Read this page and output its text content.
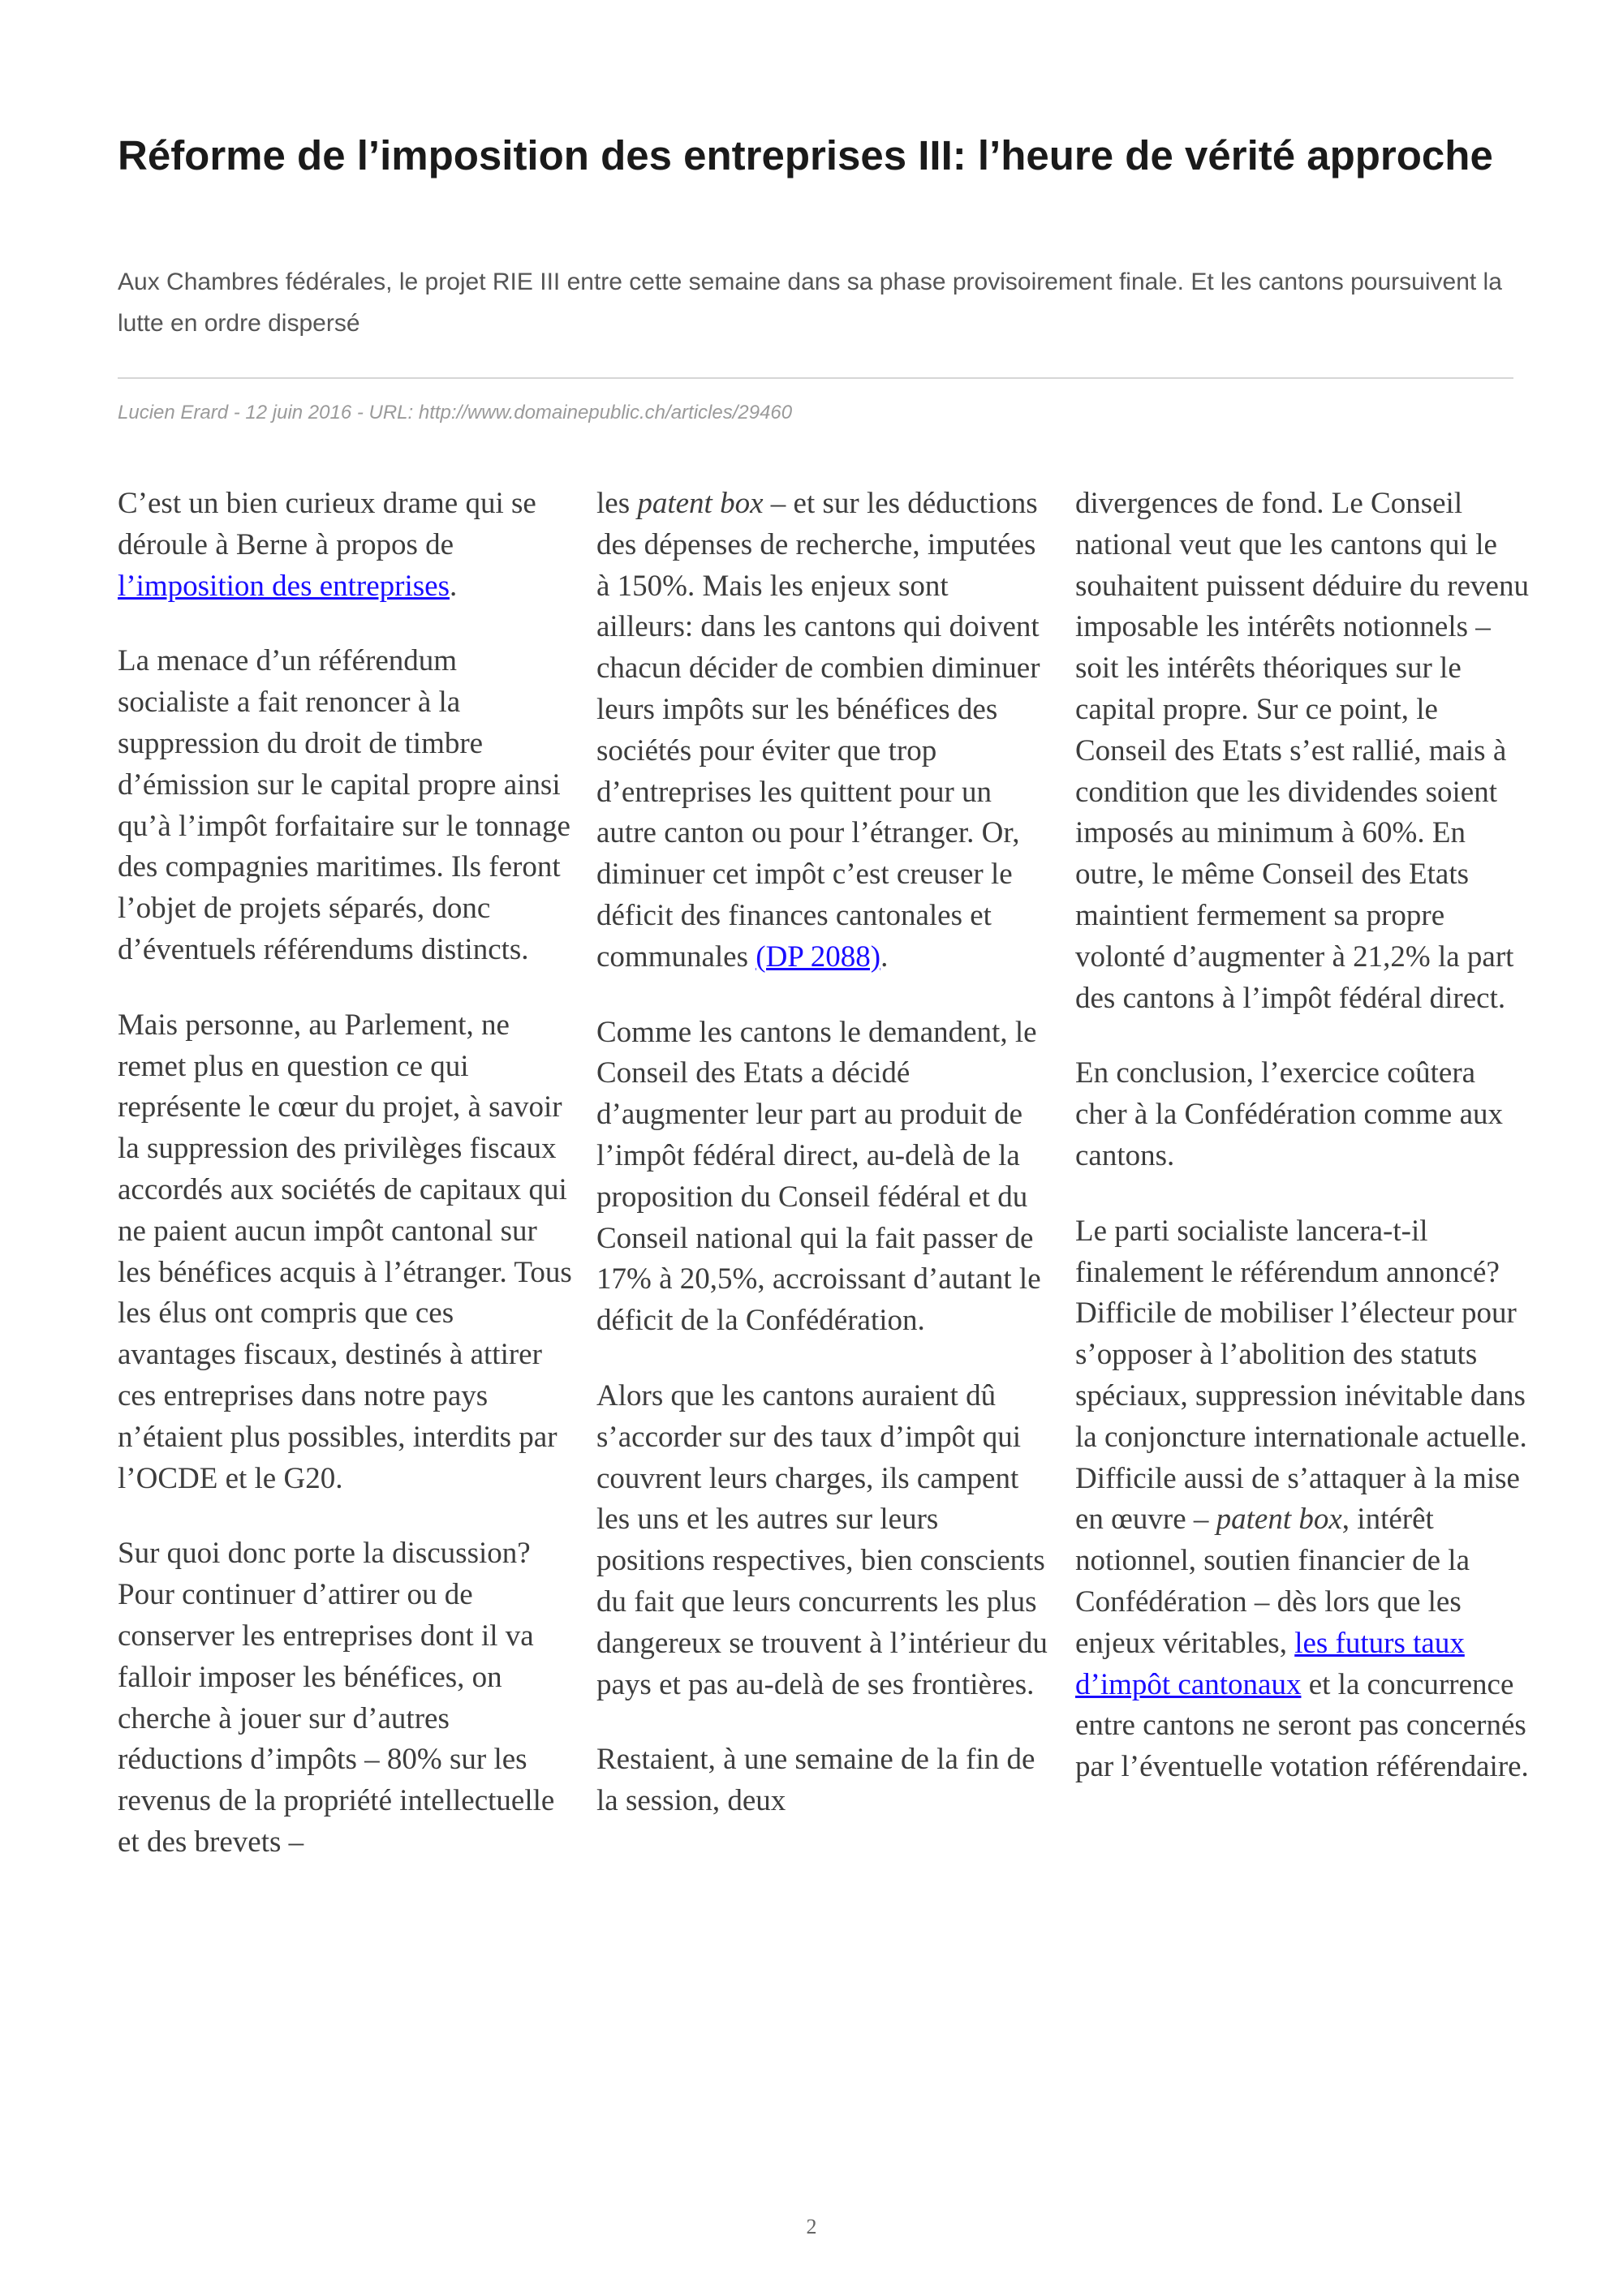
Réforme de l’imposition des entreprises III: l’heure de vérité approche

Aux Chambres fédérales, le projet RIE III entre cette semaine dans sa phase provisoirement finale. Et les cantons poursuivent la lutte en ordre dispersé

Lucien Erard - 12 juin 2016 - URL: http://www.domainepublic.ch/articles/29460

C’est un bien curieux drame qui se déroule à Berne à propos de l’imposition des entreprises.

La menace d’un référendum socialiste a fait renoncer à la suppression du droit de timbre d’émission sur le capital propre ainsi qu’à l’impôt forfaitaire sur le tonnage des compagnies maritimes. Ils feront l’objet de projets séparés, donc d’éventuels référendums distincts.

Mais personne, au Parlement, ne remet plus en question ce qui représente le cœur du projet, à savoir la suppression des privilèges fiscaux accordés aux sociétés de capitaux qui ne paient aucun impôt cantonal sur les bénéfices acquis à l’étranger. Tous les élus ont compris que ces avantages fiscaux, destinés à attirer ces entreprises dans notre pays n’étaient plus possibles, interdits par l’OCDE et le G20.

Sur quoi donc porte la discussion? Pour continuer d’attirer ou de conserver les entreprises dont il va falloir imposer les bénéfices, on cherche à jouer sur d’autres réductions d’impôts – 80% sur les revenus de la propriété intellectuelle et des brevets –

les patent box – et sur les déductions des dépenses de recherche, imputées à 150%. Mais les enjeux sont ailleurs: dans les cantons qui doivent chacun décider de combien diminuer leurs impôts sur les bénéfices des sociétés pour éviter que trop d’entreprises les quittent pour un autre canton ou pour l’étranger. Or, diminuer cet impôt c’est creuser le déficit des finances cantonales et communales (DP 2088).

Comme les cantons le demandent, le Conseil des Etats a décidé d’augmenter leur part au produit de l’impôt fédéral direct, au-delà de la proposition du Conseil fédéral et du Conseil national qui la fait passer de 17% à 20,5%, accroissant d’autant le déficit de la Confédération.

Alors que les cantons auraient dû s’accorder sur des taux d’impôt qui couvrent leurs charges, ils campent les uns et les autres sur leurs positions respectives, bien conscients du fait que leurs concurrents les plus dangereux se trouvent à l’intérieur du pays et pas au-delà de ses frontières.

Restaient, à une semaine de la fin de la session, deux

divergences de fond. Le Conseil national veut que les cantons qui le souhaitent puissent déduire du revenu imposable les intérêts notionnels – soit les intérêts théoriques sur le capital propre. Sur ce point, le Conseil des Etats s’est rallié, mais à condition que les dividendes soient imposés au minimum à 60%. En outre, le même Conseil des Etats maintient fermement sa propre volonté d’augmenter à 21,2% la part des cantons à l’impôt fédéral direct.

En conclusion, l’exercice coûtera cher à la Confédération comme aux cantons.

Le parti socialiste lancera-t-il finalement le référendum annoncé? Difficile de mobiliser l’électeur pour s’opposer à l’abolition des statuts spéciaux, suppression inévitable dans la conjoncture internationale actuelle. Difficile aussi de s’attaquer à la mise en œuvre – patent box, intérêt notionnel, soutien financier de la Confédération – dès lors que les enjeux véritables, les futurs taux d’impôt cantonaux et la concurrence entre cantons ne seront pas concernés par l’éventuelle votation référendaire.

2
